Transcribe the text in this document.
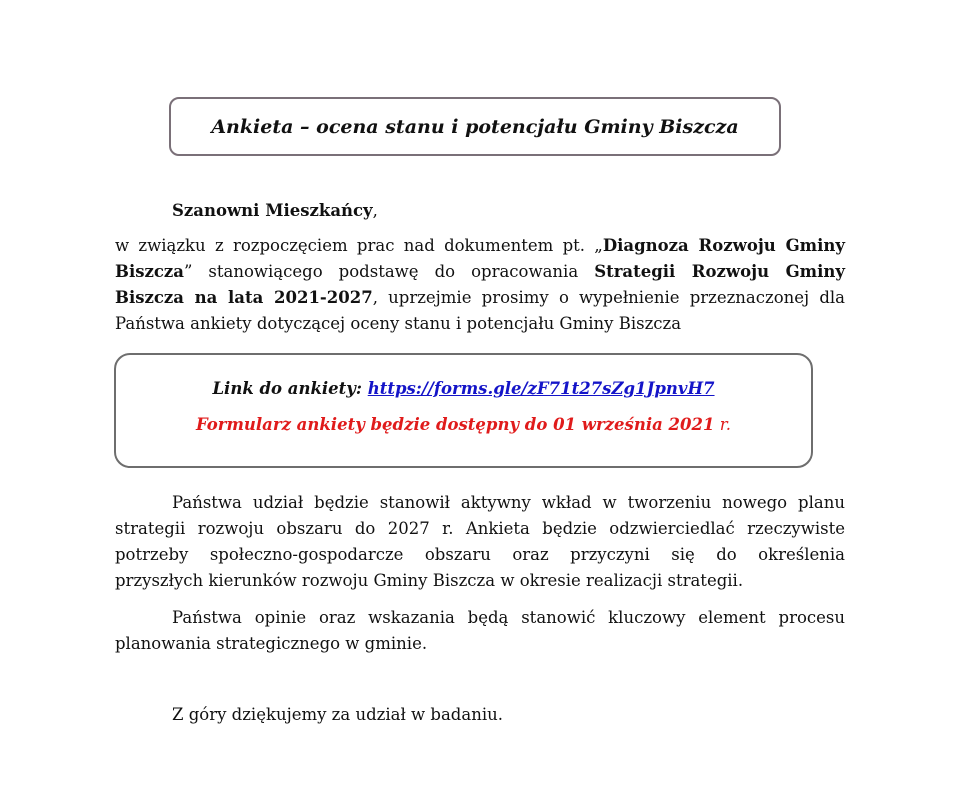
Ankieta – ocena stanu i potencjału Gminy Biszcza
Szanowni Mieszkańcy,
w związku z rozpoczęciem prac nad dokumentem pt. „Diagnoza Rozwoju Gminy
Biszcza” stanowiącego podstawę do opracowania Strategii Rozwoju Gminy
Biszcza na lata 2021-2027, uprzejmie prosimy o wypełnienie przeznaczonej dla
Państwa ankiety dotyczącej oceny stanu i potencjału Gminy Biszcza
Link do ankiety: https://forms.gle/zF71t27sZg1JpnvH7
Formularz ankiety będzie dostępny do 01 września 2021 r.
Państwa udział będzie stanowił aktywny wkład w tworzeniu nowego planu
strategii rozwoju obszaru do 2027 r. Ankieta będzie odzwierciedlać rzeczywiste
potrzeby społeczno-gospodarcze obszaru oraz przyczyni się do określenia
przyszłych kierunków rozwoju Gminy Biszcza w okresie realizacji strategii.
Państwa opinie oraz wskazania będą stanowić kluczowy element procesu
planowania strategicznego w gminie.
Z góry dziękujemy za udział w badaniu.
